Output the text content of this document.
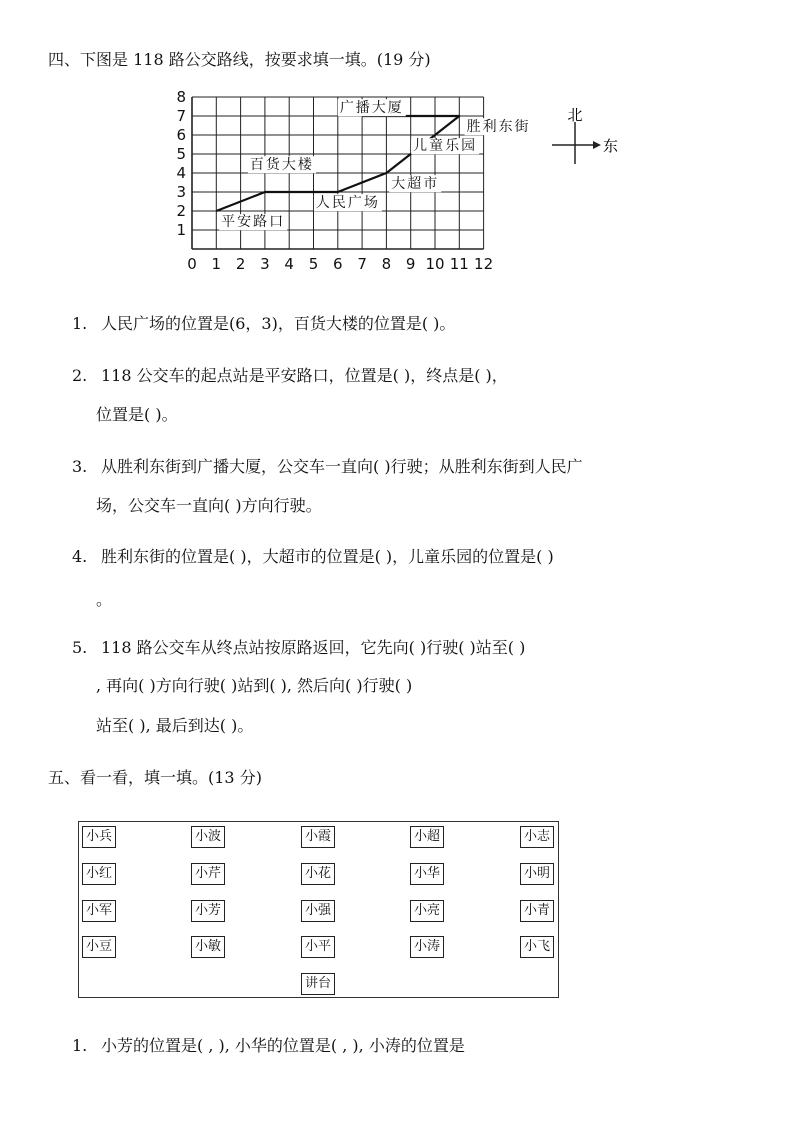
四、下图是 118 路公交路线，按要求填一填。(19 分)
0 1 2 3 4 5 6 7 8 9 10 11 12
1
2
3
4
5
6
7
8
广播大厦
胜利东街
儿童乐园
百货大楼
大超市
人民广场
平安路口
北
东
1. 人民广场的位置是(6，3)，百货大楼的位置是( )。
2. 118 公交车的起点站是平安路口，位置是( )，终点是( )，
位置是( )。
3. 从胜利东街到广播大厦，公交车一直向( )行驶；从胜利东街到人民广
场，公交车一直向( )方向行驶。
4. 胜利东街的位置是( )，大超市的位置是( )，儿童乐园的位置是( )
。
5. 118 路公交车从终点站按原路返回，它先向( )行驶( )站至( )
, 再向( )方向行驶( )站到( ), 然后向( )行驶( )
站至( ), 最后到达( )。
五、看一看，填一填。(13 分)
小兵	小波	小霞	小超	小志
小红	小芹	小花	小华	小明
小军	小芳	小强	小亮	小青
小豆	小敏	小平	小涛	小飞
讲台
1. 小芳的位置是( , ), 小华的位置是( , ), 小涛的位置是
